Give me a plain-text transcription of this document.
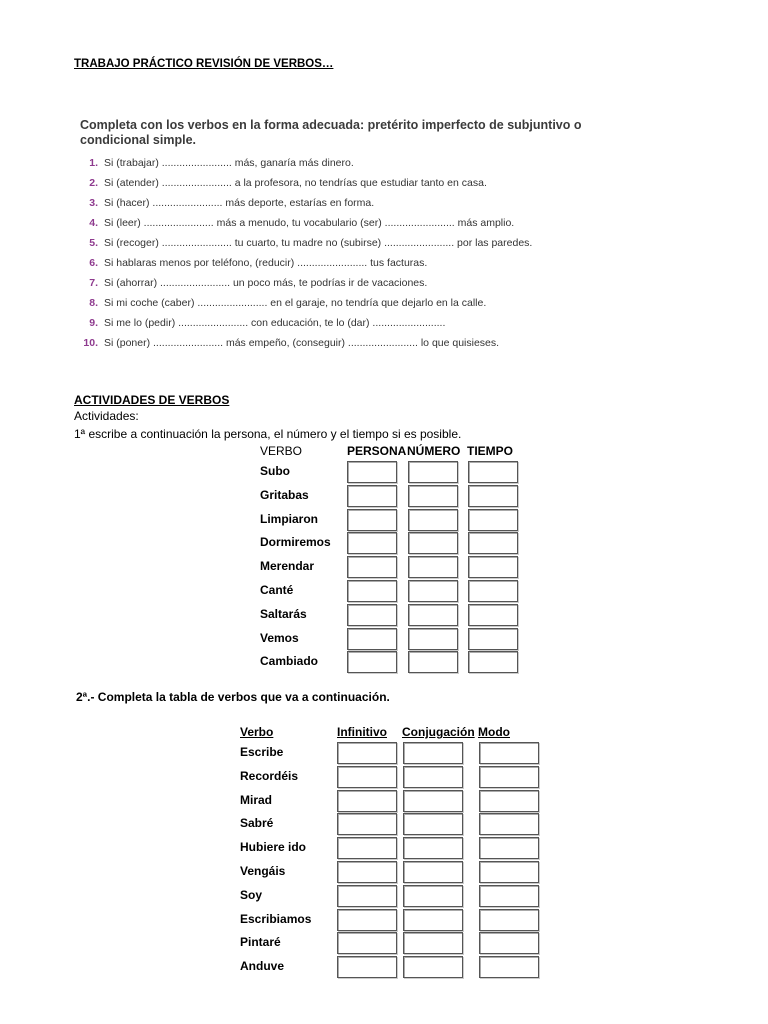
TRABAJO PRÁCTICO REVISIÓN DE VERBOS…
Completa con los verbos en la forma adecuada: pretérito imperfecto de subjuntivo o condicional simple.
1. Si (trabajar) ........................ más, ganaría más dinero.
2. Si (atender) ........................ a la profesora, no tendrías que estudiar tanto en casa.
3. Si (hacer) ........................ más deporte, estarías en forma.
4. Si (leer) ........................ más a menudo, tu vocabulario (ser) ........................ más amplio.
5. Si (recoger) ........................ tu cuarto, tu madre no (subirse) ........................ por las paredes.
6. Si hablaras menos por teléfono, (reducir) ........................ tus facturas.
7. Si (ahorrar) ........................ un poco más, te podrías ir de vacaciones.
8. Si mi coche (caber) ........................ en el garaje, no tendría que dejarlo en la calle.
9. Si me lo (pedir) ........................ con educación, te lo (dar) .........................
10. Si (poner) ........................ más empeño, (conseguir) ........................ lo que quisieses.
ACTIVIDADES DE VERBOS
Actividades:
1ª escribe a continuación la persona, el número y el tiempo si es posible.
VERBO	PERSONA NÚMERO TIEMPO
Subo
Gritabas
Limpiaron
Dormiremos
Merendar
Canté
Saltarás
Vemos
Cambiado
2ª.- Completa la tabla de verbos que va a continuación.
Verbo	Infinitivo Conjugación Modo
Escribe
Recordéis
Mirad
Sabré
Hubiere ido
Vengáis
Soy
Escribiamos
Pintaré
Anduve
